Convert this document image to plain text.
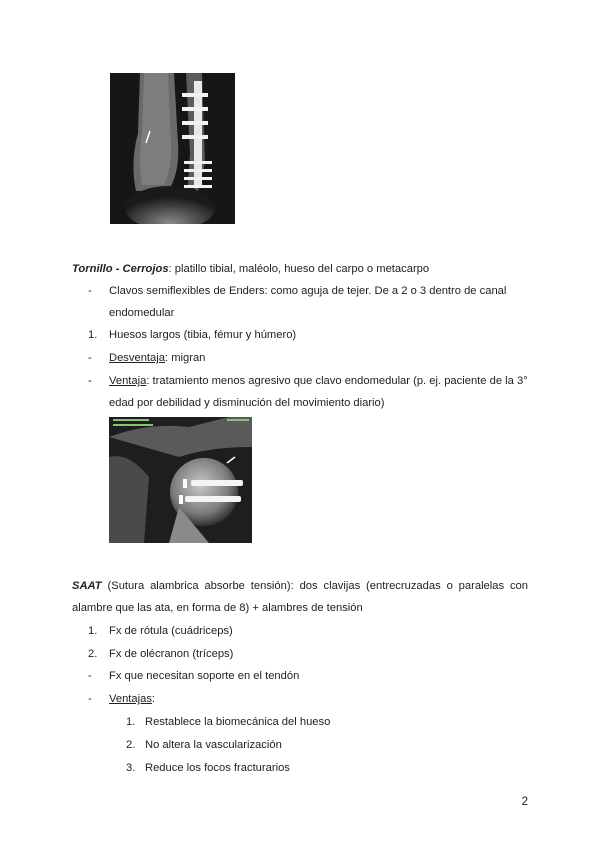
Tornillo - Cerrojos: platillo tibial, maléolo, hueso del carpo o metacarpo
-	Clavos semiflexibles de Enders: como aguja de tejer. De a 2 o 3 dentro de canal endomedular
1.	Huesos largos (tibia, fémur y húmero)
-	Desventaja: migran
-	Ventaja: tratamiento menos agresivo que clavo endomedular (p. ej. paciente de la 3° edad por debilidad y disminución del movimiento diario)
SAAT (Sutura alambrica absorbe tensión): dos clavijas (entrecruzadas o paralelas con alambre que las ata, en forma de 8) + alambres de tensión
1.	Fx de rótula (cuádriceps)
2.	Fx de olécranon (tríceps)
-	Fx que necesitan soporte en el tendón
-	Ventajas:
1. Restablece la biomecánica del hueso
2. No altera la vascularización
3. Reduce los focos fracturarios
2
